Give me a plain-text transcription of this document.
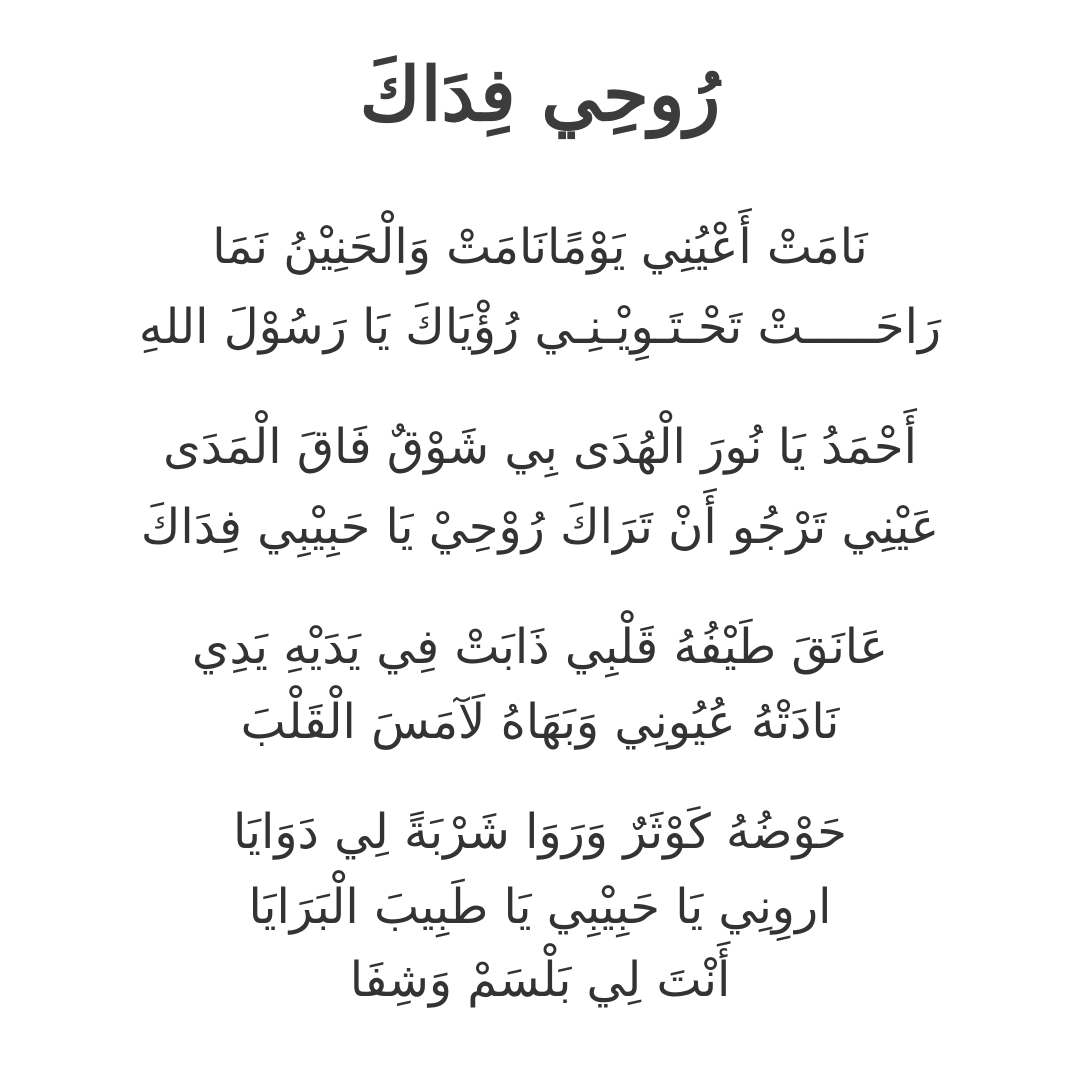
رُوحِي فِدَاكَ
نَامَتْ أَعْيُنِي يَوْمًانَامَتْ وَالْحَنِيْنُ نَمَا
رَاحَـــــتْ تَحْـتَـوِيْـنِـي رُؤْيَاكَ يَا رَسُوْلَ اللهِ
أَحْمَدُ يَا نُورَ الْهُدَى بِي شَوْقٌ فَاقَ الْمَدَى
عَيْنِي تَرْجُو أَنْ تَرَاكَ رُوْحِيْ يَا حَبِيْبِي فِدَاكَ
عَانَقَ طَيْفُهُ قَلْبِي ذَابَتْ فِي يَدَيْهِ يَدِي
نَادَتْهُ عُيُونِي وَبَهَاهُ لَآمَسَ الْقَلْبَ
حَوْضُهُ كَوْثَرٌ وَرَوَا شَرْبَةً لِي دَوَايَا
اروِنِي يَا حَبِيْبِي يَا طَبِيبَ الْبَرَايَا
أَنْتَ لِي بَلْسَمْ وَشِفَا
